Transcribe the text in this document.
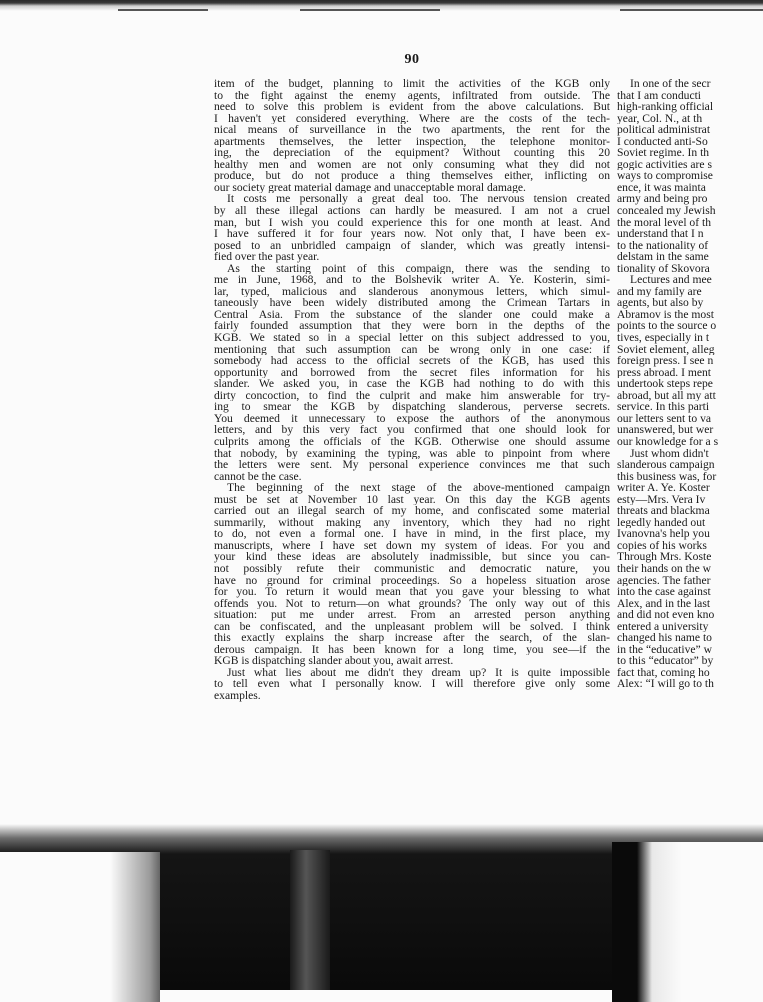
90
item of the budget, planning to limit the activities of the KGB only
to the fight against the enemy agents, infiltrated from outside. The
need to solve this problem is evident from the above calculations. But
I haven't yet considered everything. Where are the costs of the tech-
nical means of surveillance in the two apartments, the rent for the
apartments themselves, the letter inspection, the telephone monitor-
ing, the depreciation of the equipment? Without counting this 20
healthy men and women are not only consuming what they did not
produce, but do not produce a thing themselves either, inflicting on
our society great material damage and unacceptable moral damage.
It costs me personally a great deal too. The nervous tension created
by all these illegal actions can hardly be measured. I am not a cruel
man, but I wish you could experience this for one month at least. And
I have suffered it for four years now. Not only that, I have been ex-
posed to an unbridled campaign of slander, which was greatly intensi-
fied over the past year.
As the starting point of this compaign, there was the sending to
me in June, 1968, and to the Bolshevik writer A. Ye. Kosterin, simi-
lar, typed, malicious and slanderous anonymous letters, which simul-
taneously have been widely distributed among the Crimean Tartars in
Central Asia. From the substance of the slander one could make a
fairly founded assumption that they were born in the depths of the
KGB. We stated so in a special letter on this subject addressed to you,
mentioning that such assumption can be wrong only in one case: if
somebody had access to the official secrets of the KGB, has used this
opportunity and borrowed from the secret files information for his
slander. We asked you, in case the KGB had nothing to do with this
dirty concoction, to find the culprit and make him answerable for try-
ing to smear the KGB by dispatching slanderous, perverse secrets.
You deemed it unnecessary to expose the authors of the anonymous
letters, and by this very fact you confirmed that one should look for
culprits among the officials of the KGB. Otherwise one should assume
that nobody, by examining the typing, was able to pinpoint from where
the letters were sent. My personal experience convinces me that such
cannot be the case.
The beginning of the next stage of the above-mentioned campaign
must be set at November 10 last year. On this day the KGB agents
carried out an illegal search of my home, and confiscated some material
summarily, without making any inventory, which they had no right
to do, not even a formal one. I have in mind, in the first place, my
manuscripts, where I have set down my system of ideas. For you and
your kind these ideas are absolutely inadmissible, but since you can-
not possibly refute their communistic and democratic nature, you
have no ground for criminal proceedings. So a hopeless situation arose
for you. To return it would mean that you gave your blessing to what
offends you. Not to return—on what grounds? The only way out of this
situation: put me under arrest. From an arrested person anything
can be confiscated, and the unpleasant problem will be solved. I think
this exactly explains the sharp increase after the search, of the slan-
derous campaign. It has been known for a long time, you see—if the
KGB is dispatching slander about you, await arrest.
Just what lies about me didn't they dream up? It is quite impossible
to tell even what I personally know. I will therefore give only some
examples.
In one of the secr
that I am conducti
high-ranking official
year, Col. N., at th
political administrat
I conducted anti-So
Soviet regime. In th
gogic activities are s
ways to compromise
ence, it was mainta
army and being pro
concealed my Jewish
the moral level of th
understand that I n
to the nationality of
delstam in the same
tionality of Skovora
Lectures and mee
and my family are
agents, but also by
Abramov is the most
points to the source o
tives, especially in t
Soviet element, alleg
foreign press. I see n
press abroad. I ment
undertook steps repe
abroad, but all my att
service. In this parti
our letters sent to va
unanswered, but wer
our knowledge for a s
Just whom didn't
slanderous campaign
this business was, for
writer A. Ye. Koster
esty—Mrs. Vera Iv
threats and blackma
legedly handed out
Ivanovna's help you
copies of his works
Through Mrs. Koste
their hands on the w
agencies. The father
into the case against
Alex, and in the last
and did not even kno
entered a university
changed his name to
in the “educative” w
to this “educator” by
fact that, coming ho
Alex: “I will go to th
